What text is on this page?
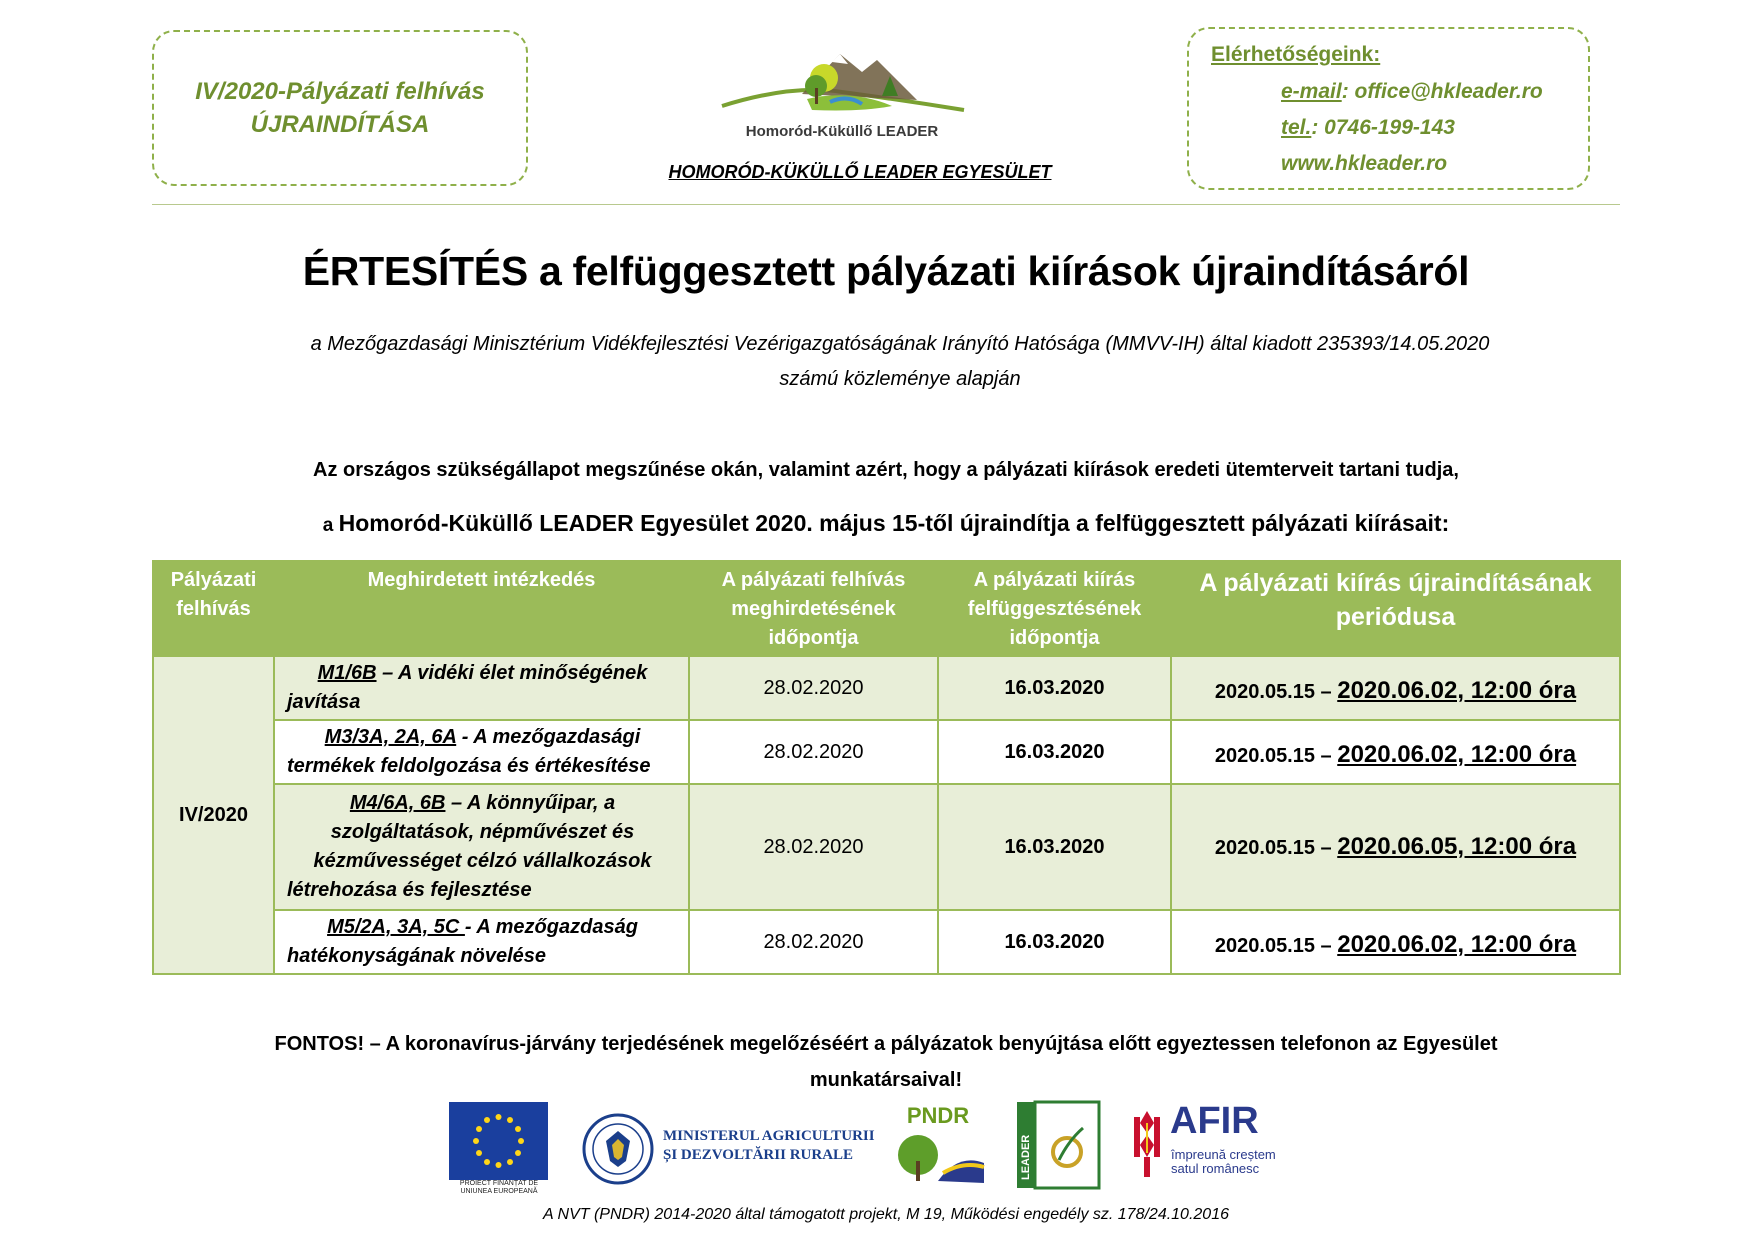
IV/2020-Pályázati felhívás
ÚJRAINDÍTÁSA	Homoród-Küküllő LEADER
HOMORÓD-KÜKÜLLŐ LEADER EGYESÜLET
Elérhetőségeink:
e-mail: office@hkleader.ro
tel.: 0746-199-143
www.hkleader.ro
ÉRTESÍTÉS a felfüggesztett pályázati kiírások újraindításáról
a Mezőgazdasági Minisztérium Vidékfejlesztési Vezérigazgatóságának Irányító Hatósága (MMVV-IH) által kiadott 235393/14.05.2020
számú közleménye alapján
Az országos szükségállapot megszűnése okán, valamint azért, hogy a pályázati kiírások eredeti ütemterveit tartani tudja,
a Homoród-Küküllő LEADER Egyesület 2020. május 15-től újraindítja a felfüggesztett pályázati kiírásait:
Pályázati felhívás	Meghirdetett intézkedés	A pályázati felhívás meghirdetésének időpontja	A pályázati kiírás felfüggesztésének időpontja	A pályázati kiírás újraindításának periódusa
IV/2020	M1/6B – A vidéki élet minőségének javítása	28.02.2020	16.03.2020	2020.05.15 – 2020.06.02, 12:00 óra
	M3/3A, 2A, 6A - A mezőgazdasági termékek feldolgozása és értékesítése	28.02.2020	16.03.2020	2020.05.15 – 2020.06.02, 12:00 óra
	M4/6A, 6B – A könnyűipar, a szolgáltatások, népművészet és kézművességet célzó vállalkozások létrehozása és fejlesztése	28.02.2020	16.03.2020	2020.05.15 – 2020.06.05, 12:00 óra
	M5/2A, 3A, 5C - A mezőgazdaság hatékonyságának növelése	28.02.2020	16.03.2020	2020.05.15 – 2020.06.02, 12:00 óra
FONTOS! – A koronavírus-járvány terjedésének megelőzéséért a pályázatok benyújtása előtt egyeztessen telefonon az Egyesület
munkatársaival!
PROIECT FINANȚAT DE
UNIUNEA EUROPEANĂ
MINISTERUL AGRICULTURII
ȘI DEZVOLTĂRII RURALE
PNDR
LEADER
AFIR
împreună creștem
satul românesc
A NVT (PNDR) 2014-2020 által támogatott projekt, M 19, Működési engedély sz. 178/24.10.2016
